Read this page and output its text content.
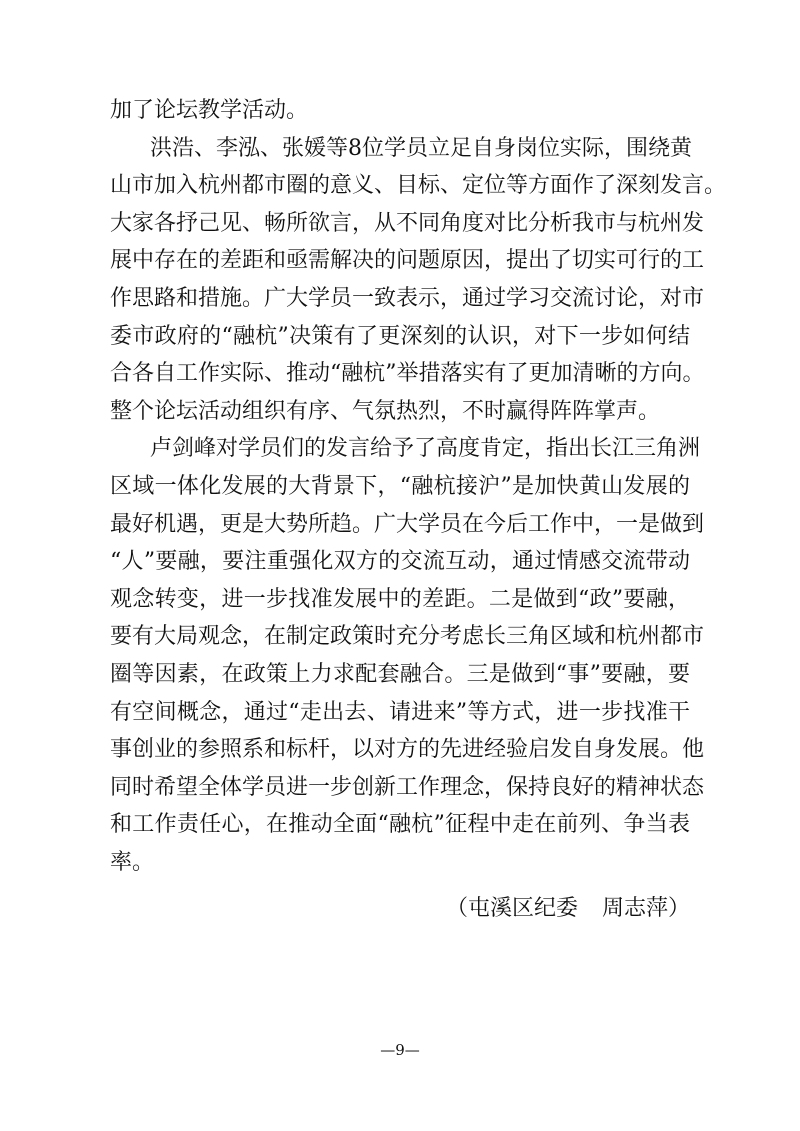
加了论坛教学活动。
洪浩、李泓、张媛等8位学员立足自身岗位实际，围绕黄
山市加入杭州都市圈的意义、目标、定位等方面作了深刻发言。
大家各抒己见、畅所欲言，从不同角度对比分析我市与杭州发
展中存在的差距和亟需解决的问题原因，提出了切实可行的工
作思路和措施。广大学员一致表示，通过学习交流讨论，对市
委市政府的“融杭”决策有了更深刻的认识，对下一步如何结
合各自工作实际、推动“融杭”举措落实有了更加清晰的方向。
整个论坛活动组织有序、气氛热烈，不时赢得阵阵掌声。
卢剑峰对学员们的发言给予了高度肯定，指出长江三角洲
区域一体化发展的大背景下，“融杭接沪”是加快黄山发展的
最好机遇，更是大势所趋。广大学员在今后工作中，一是做到
“人”要融，要注重强化双方的交流互动，通过情感交流带动
观念转变，进一步找准发展中的差距。二是做到“政”要融，
要有大局观念，在制定政策时充分考虑长三角区域和杭州都市
圈等因素，在政策上力求配套融合。三是做到“事”要融，要
有空间概念，通过“走出去、请进来”等方式，进一步找准干
事创业的参照系和标杆，以对方的先进经验启发自身发展。他
同时希望全体学员进一步创新工作理念，保持良好的精神状态
和工作责任心，在推动全面“融杭”征程中走在前列、争当表
率。
（屯溪区纪委 周志萍）
—9—
